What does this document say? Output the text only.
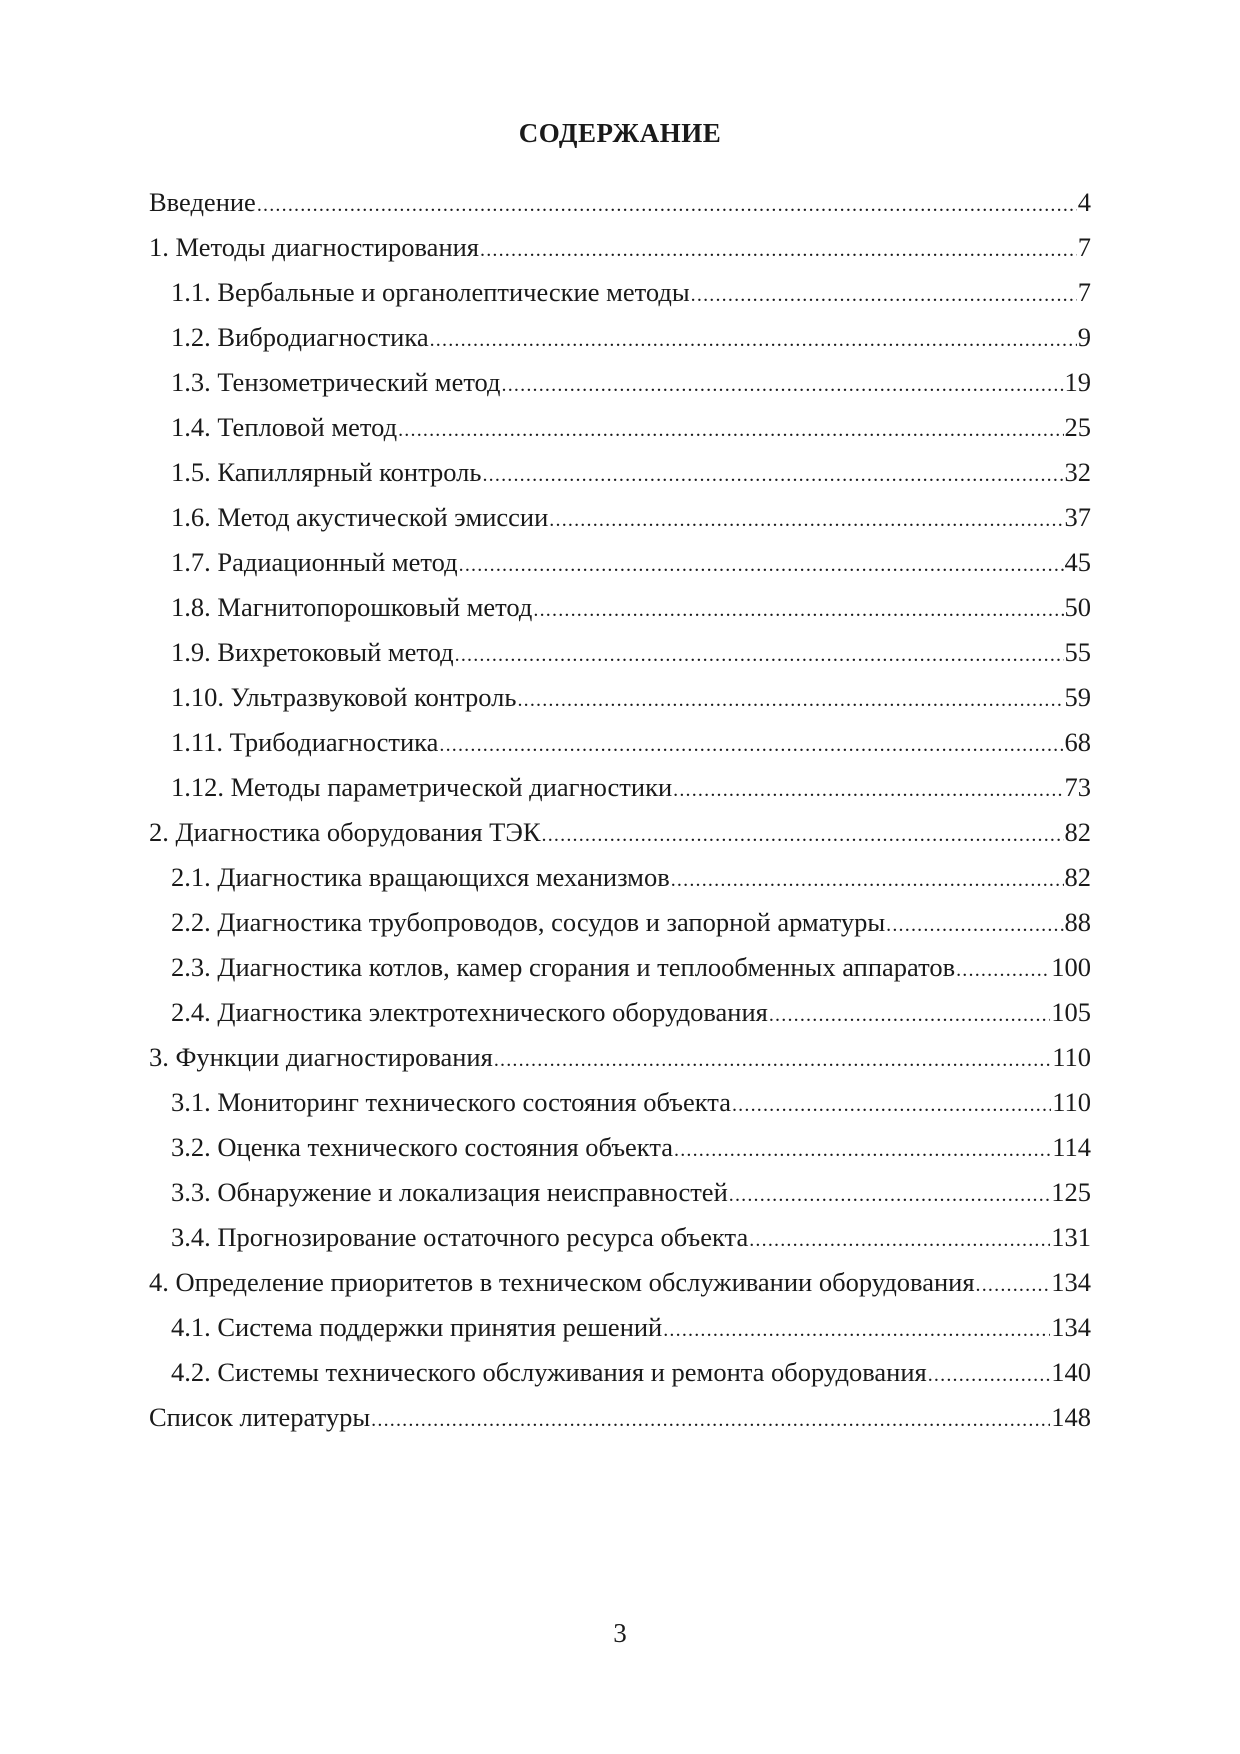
СОДЕРЖАНИЕ
Введение .....	4
1. Методы диагностирования .....	7
1.1. Вербальные и органолептические методы .....	7
1.2. Вибродиагностика .....	9
1.3. Тензометрический метод .....	19
1.4. Тепловой метод .....	25
1.5. Капиллярный контроль .....	32
1.6. Метод акустической эмиссии .....	37
1.7. Радиационный метод .....	45
1.8. Магнитопорошковый метод .....	50
1.9. Вихретоковый метод .....	55
1.10. Ультразвуковой контроль .....	59
1.11. Трибодиагностика .....	68
1.12. Методы параметрической диагностики .....	73
2. Диагностика оборудования ТЭК .....	82
2.1. Диагностика вращающихся механизмов .....	82
2.2. Диагностика трубопроводов, сосудов и запорной арматуры .....	88
2.3. Диагностика котлов, камер сгорания и теплообменных аппаратов .....	100
2.4. Диагностика электротехнического оборудования .....	105
3. Функции диагностирования .....	110
3.1. Мониторинг технического состояния объекта .....	110
3.2. Оценка технического состояния объекта .....	114
3.3. Обнаружение и локализация неисправностей .....	125
3.4. Прогнозирование остаточного ресурса объекта .....	131
4. Определение приоритетов в техническом обслуживании оборудования .....	134
4.1. Система поддержки принятия решений .....	134
4.2. Системы технического обслуживания и ремонта оборудования .....	140
Список литературы .....	148
3
